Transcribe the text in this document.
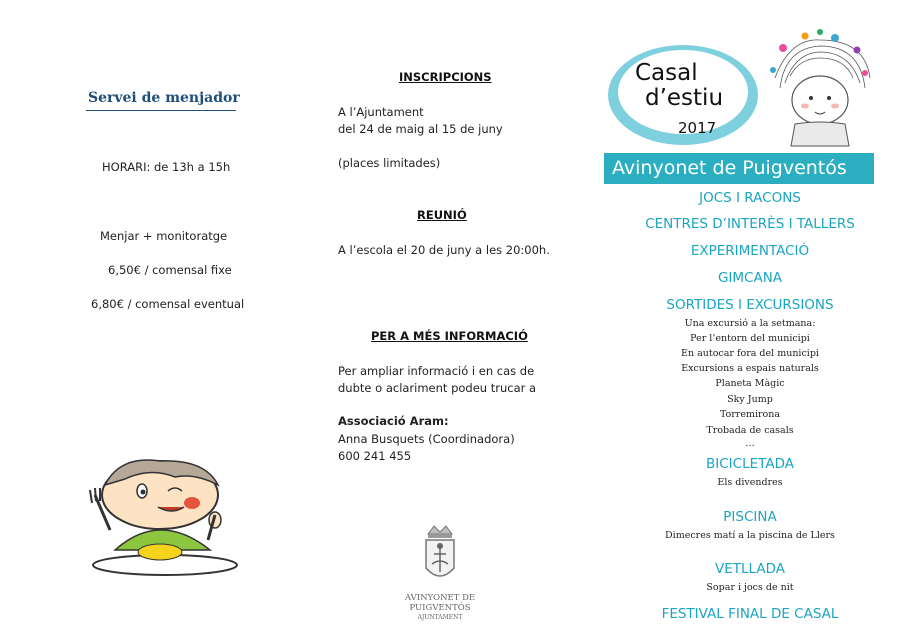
Servei de menjador
HORARI: de 13h a 15h
Menjar + monitoratge
6,50€ / comensal fixe
6,80€ / comensal eventual
INSCRIPCIONS
A l’Ajuntament
del 24 de maig al 15 de juny
(places limitades)
REUNIÓ
A l’escola el 20 de juny a les 20:00h.
PER A MÉS INFORMACIÓ
Per ampliar informació i en cas de
dubte o aclariment podeu trucar a
Associació Aram:
Anna Busquets (Coordinadora)
600 241 455
AVINYONET DE
PUIGVENTÓS
AJUNTAMENT
Casal
d’estiu
2017
Avinyonet de Puigventós
JOCS I RACONS
CENTRES D’INTERÈS I TALLERS
EXPERIMENTACIÓ
GIMCANA
SORTIDES I EXCURSIONS
Una excursió a la setmana:
Per l’entorn del municipi
En autocar fora del municipi
Excursions a espais naturals
Planeta Màgic
Sky Jump
Torremirona
Trobada de casals
…
BICICLETADA
Els divendres
PISCINA
Dimecres matí a la piscina de Llers
VETLLADA
Sopar i jocs de nit
FESTIVAL FINAL DE CASAL
